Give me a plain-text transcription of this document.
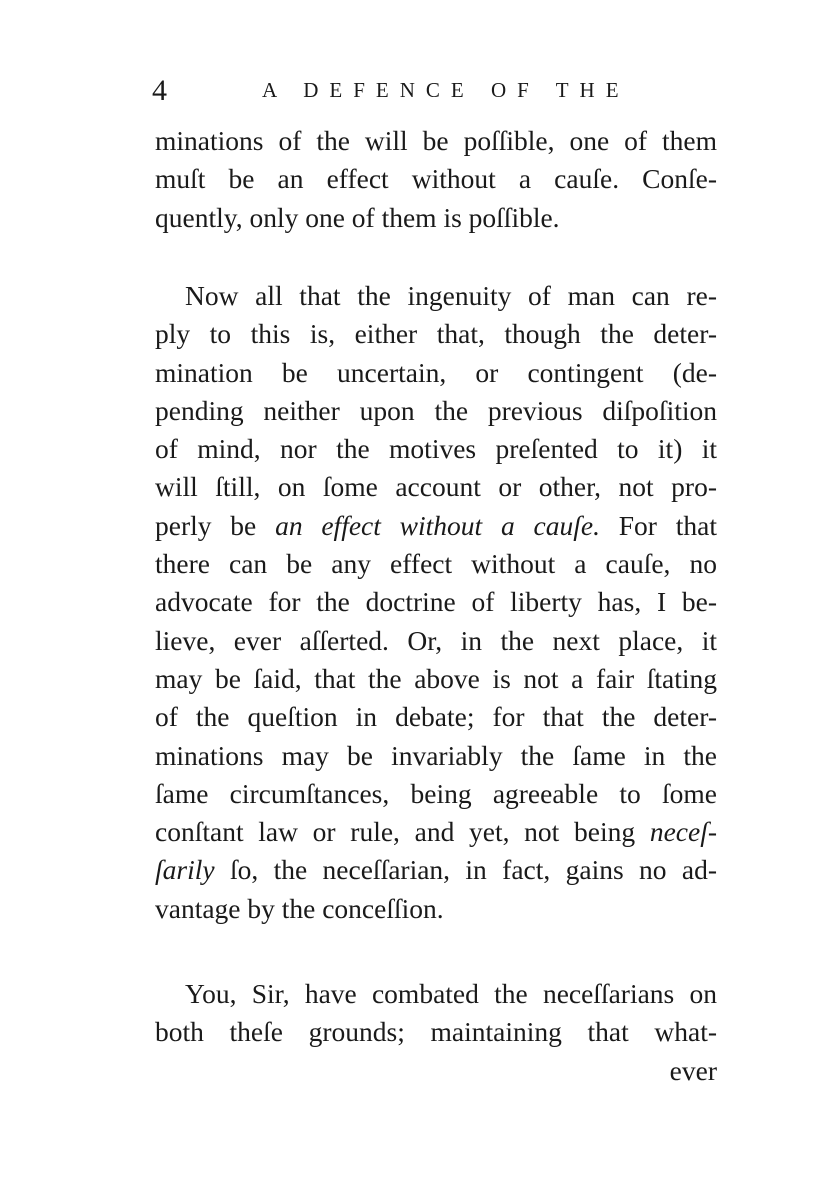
4	A DEFENCE OF THE
minations of the will be poſſible, one of them
muſt be an effect without a cauſe. Conſe-
quently, only one of them is poſſible.
Now all that the ingenuity of man can re-
ply to this is, either that, though the deter-
mination be uncertain, or contingent (de-
pending neither upon the previous diſpoſition
of mind, nor the motives preſented to it) it
will ſtill, on ſome account or other, not pro-
perly be an effect without a cauſe. For that
there can be any effect without a cauſe, no
advocate for the doctrine of liberty has, I be-
lieve, ever aſſerted. Or, in the next place, it
may be ſaid, that the above is not a fair ſtating
of the queſtion in debate; for that the deter-
minations may be invariably the ſame in the
ſame circumſtances, being agreeable to ſome
conſtant law or rule, and yet, not being neceſ-
ſarily ſo, the neceſſarian, in fact, gains no ad-
vantage by the conceſſion.
You, Sir, have combated the neceſſarians on
both theſe grounds; maintaining that what-
ever
